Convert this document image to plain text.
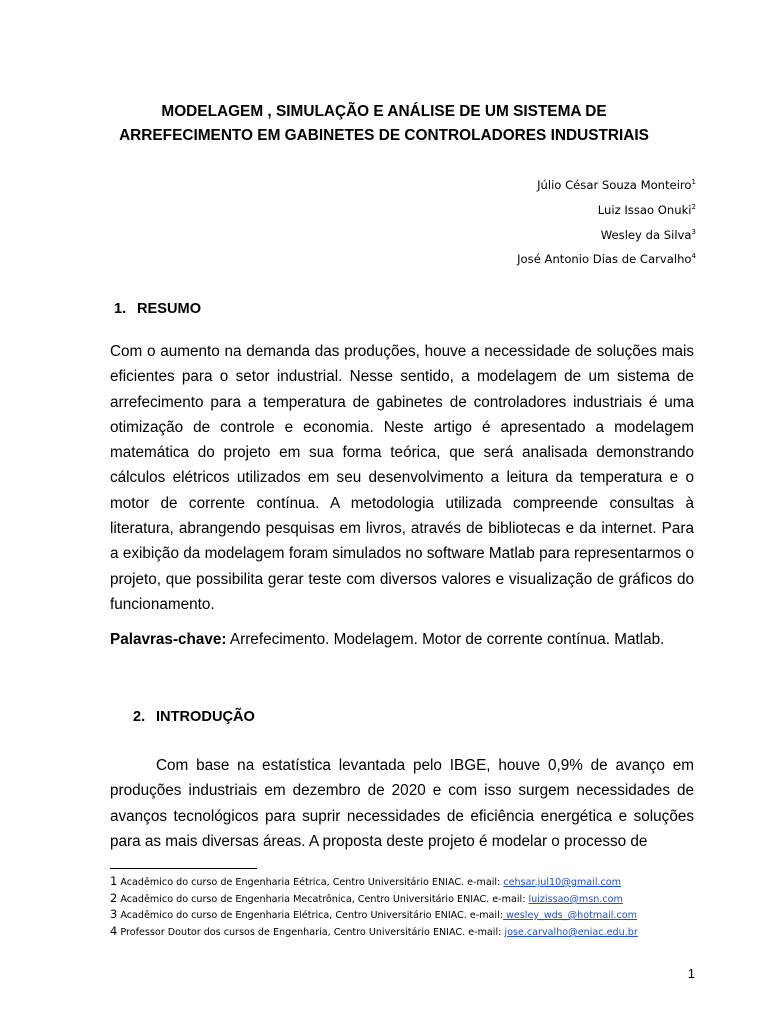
MODELAGEM , SIMULAÇÃO E ANÁLISE DE UM SISTEMA DE
ARREFECIMENTO EM GABINETES DE CONTROLADORES INDUSTRIAIS
Júlio César Souza Monteiro$^1$
Luiz Issao Onuki$^2$
Wesley da Silva$^3$
José Antonio Dias de Carvalho$^4$
1. RESUMO
Com o aumento na demanda das produções, houve a necessidade de soluções mais eficientes para o setor industrial. Nesse sentido, a modelagem de um sistema de arrefecimento para a temperatura de gabinetes de controladores industriais é uma otimização de controle e economia. Neste artigo é apresentado a modelagem matemática do projeto em sua forma teórica, que será analisada demonstrando cálculos elétricos utilizados em seu desenvolvimento a leitura da temperatura e o motor de corrente contínua. A metodologia utilizada compreende consultas à literatura, abrangendo pesquisas em livros, através de bibliotecas e da internet. Para a exibição da modelagem foram simulados no software Matlab para representarmos o projeto, que possibilita gerar teste com diversos valores e visualização de gráficos do funcionamento.
Palavras-chave: Arrefecimento. Modelagem. Motor de corrente contínua. Matlab.
2. INTRODUÇÃO
Com base na estatística levantada pelo IBGE, houve 0,9% de avanço em produções industriais em dezembro de 2020 e com isso surgem necessidades de avanços tecnológicos para suprir necessidades de eficiência energética e soluções para as mais diversas áreas. A proposta deste projeto é modelar o processo de
1 Acadêmico do curso de Engenharia Eétrica, Centro Universitário ENIAC. e-mail: cehsar.jul10@gmail.com
2 Acadêmico do curso de Engenharia Mecatrônica, Centro Universitário ENIAC. e-mail: luizissao@msn.com
3 Acadêmico do curso de Engenharia Elétrica, Centro Universitário ENIAC. e-mail: wesley_wds_@hotmail.com
4 Professor Doutor dos cursos de Engenharia, Centro Universitário ENIAC. e-mail: jose.carvalho@eniac.edu.br
1
